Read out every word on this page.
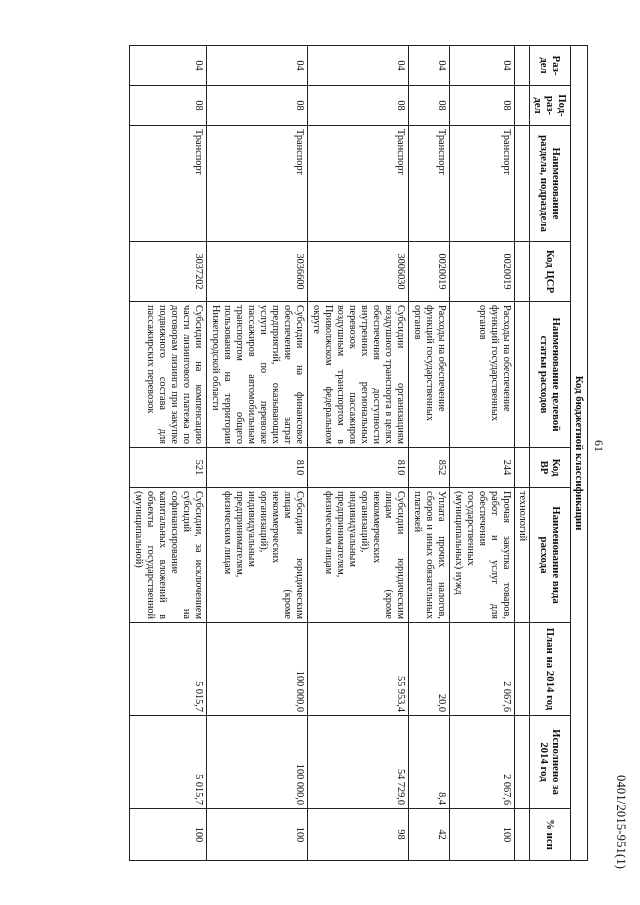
61
0401/2015-951(1)
Код бюджетной классификации									
Раз-дел	Под-раз-дел	Наименование раздела, подраздела	Код ЦСР	Наименование целевой статьи расходов	Код ВР	Наименование вида расхода	План на 2014 год	Исполнено за 2014 год	% исп
						технологий			
04	08	Транспорт	0020019	Расходы на обеспечение функций государственных органов	244	Прочая закупка товаров, работ и услуг для обеспечения государственных (муниципальных) нужд	2 067,6	2 067,6	100
04	08	Транспорт	0020019	Расходы на обеспечение функций государственных органов	852	Уплата прочих налогов, сборов и иных обязательных платежей	20,0	8,4	42
04	08	Транспорт	3006030	Субсидии организациям воздушного транспорта в целях обеспечения доступности внутренних региональных перевозок пассажиров воздушным транспортом в Приволжском федеральном округе	810	Субсидии юридическим лицам (кроме некоммерческих организаций), индивидуальным предпринимателям, физическим лицам	55 953,4	54 729,0	98
04	08	Транспорт	3036600	Субсидии на финансовое обеспечение затрат предприятий, оказывающих услуги по перевозке пассажиров автомобильным транспортом общего пользования на территории Нижегородской области	810	Субсидии юридическим лицам (кроме некоммерческих организаций), индивидуальным предпринимателям, физическим лицам	100 000,0	100 000,0	100
04	08	Транспорт	3037202	Субсидии на компенсацию части лизингового платежа по договорам лизинга при закупке подвижного состава для пассажирских перевозок	521	Субсидии, за исключением субсидий на софинансирование капитальных вложений в объекты государственной (муниципальной)	5 015,7	5 015,7	100
